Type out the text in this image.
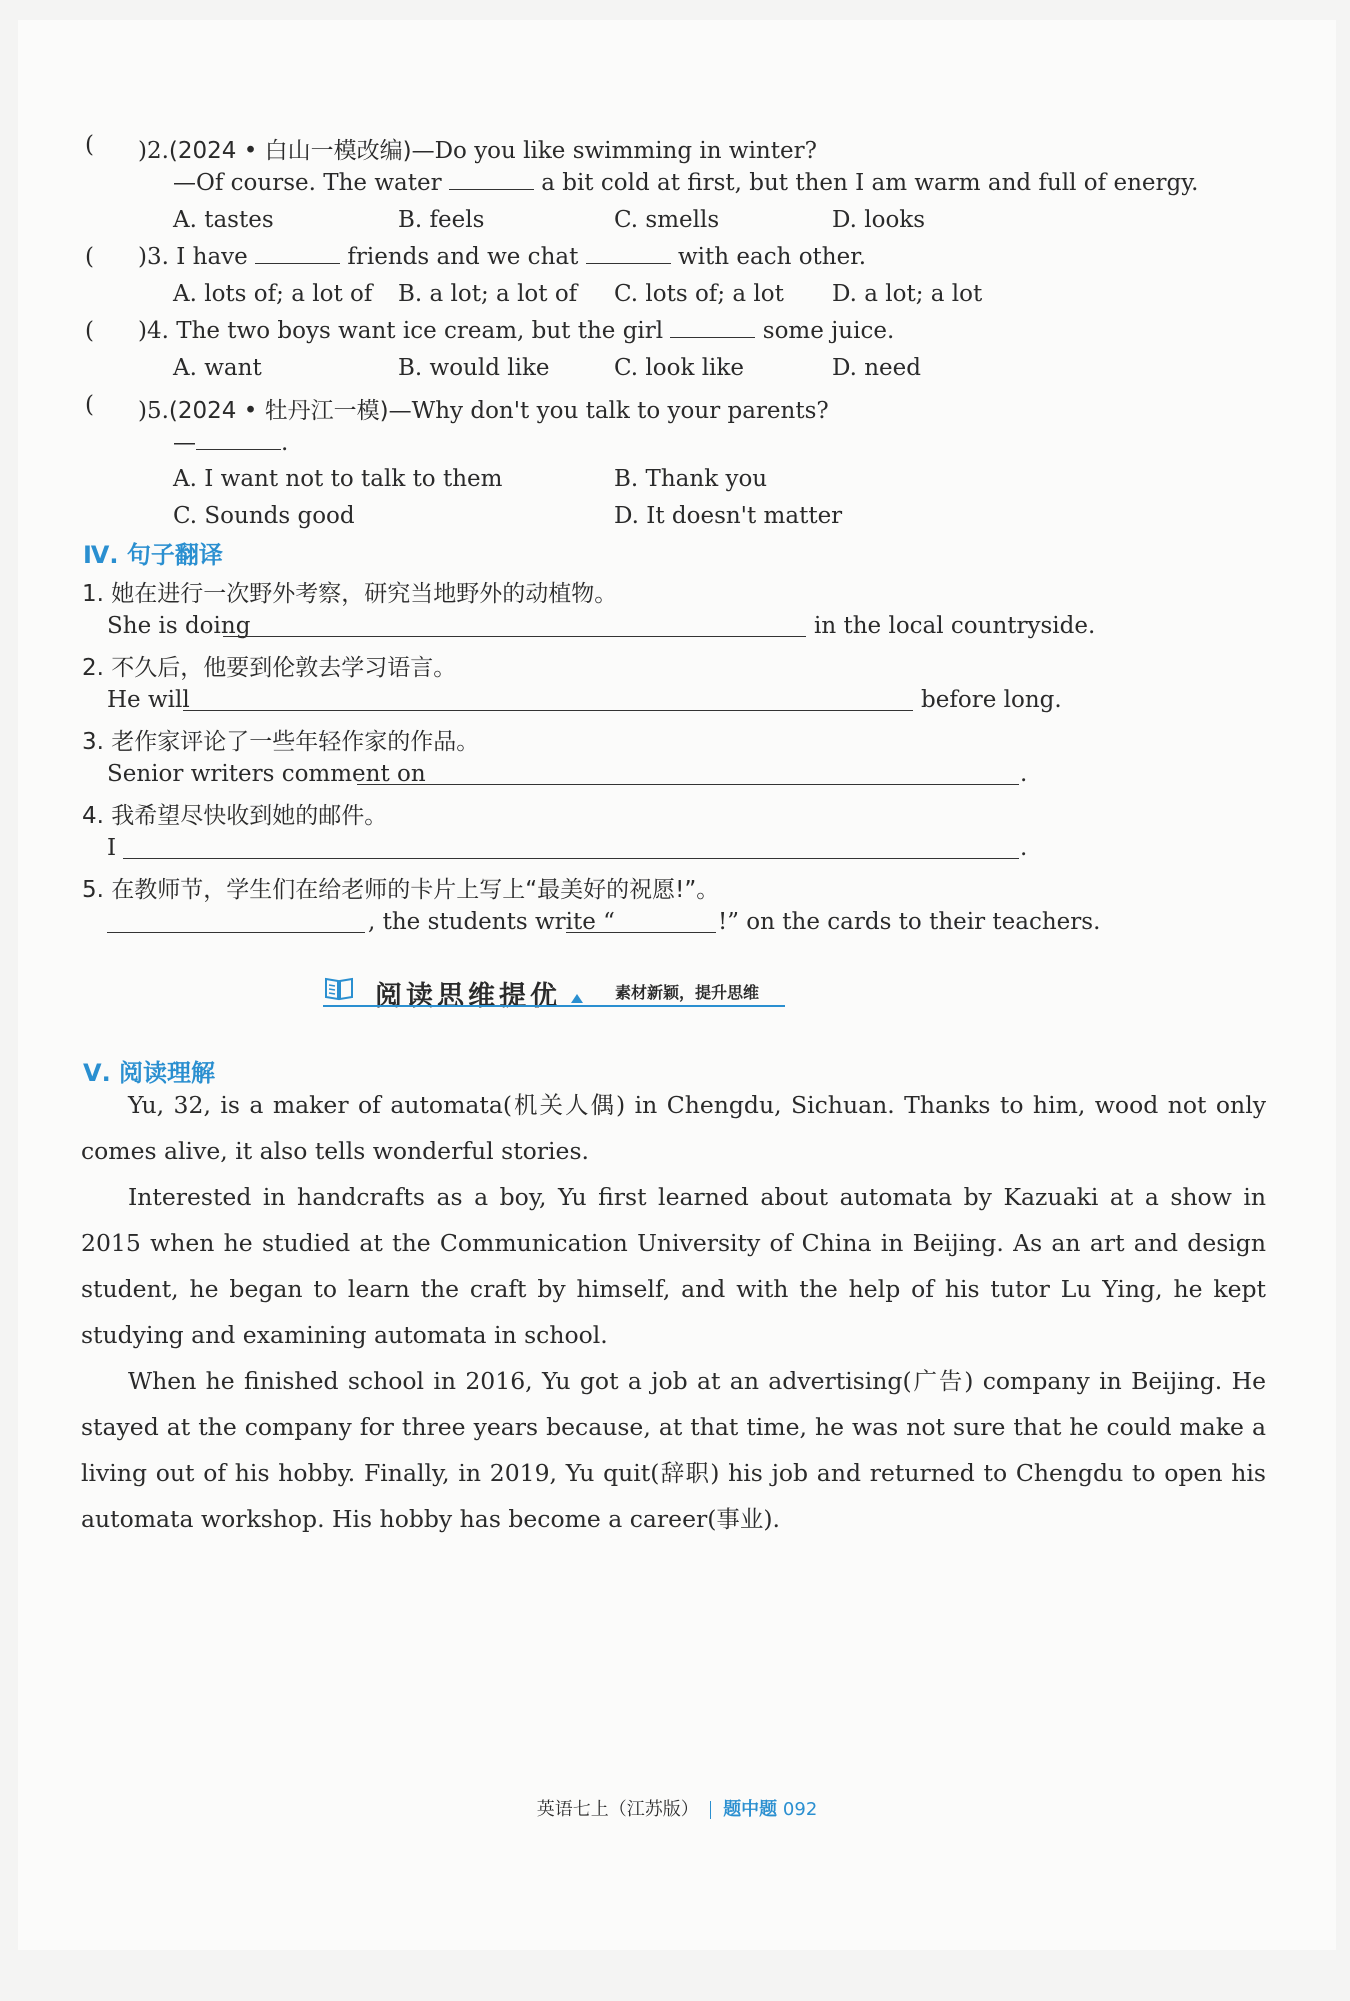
( )2.(2024 • 白山一模改编)—Do you like swimming in winter?
—Of course. The water	a bit cold at first, but then I am warm and full of energy.
A. tastes	B. feels	C. smells	D. looks
( )3. I have	friends and we chat	with each other.
A. lots of; a lot of B. a lot; a lot of C. lots of; a lot D. a lot; a lot
( )4. The two boys want ice cream, but the girl	some juice.
A. want	B. would like	C. look like	D. need
( )5.(2024 • 牡丹江一模)—Why don't you talk to your parents?
—	.
A. I want not to talk to them	B. Thank you
C. Sounds good	D. It doesn't matter
Ⅳ. 句子翻译
1. 她在进行一次野外考察，研究当地野外的动植物。
She is doing	in the local countryside.
2. 不久后，他要到伦敦去学习语言。
He will	before long.
3. 老作家评论了一些年轻作家的作品。
Senior writers comment on	.
4. 我希望尽快收到她的邮件。
I	.
5. 在教师节，学生们在给老师的卡片上写上“最美好的祝愿!”。
, the students write “	!” on the cards to their teachers.
阅读思维提优	素材新颖，提升思维
Ⅴ. 阅读理解

Yu, 32, is a maker of automata(机关人偶) in Chengdu, Sichuan. Thanks to him, wood not only comes alive, it also tells wonderful stories.

Interested in handcrafts as a boy, Yu first learned about automata by Kazuaki at a show in 2015 when he studied at the Communication University of China in Beijing. As an art and design student, he began to learn the craft by himself, and with the help of his tutor Lu Ying, he kept studying and examining automata in school.

When he finished school in 2016, Yu got a job at an advertising(广告) company in Beijing. He stayed at the company for three years because, at that time, he was not sure that he could make a living out of his hobby. Finally, in 2019, Yu quit(辞职) his job and returned to Chengdu to open his automata workshop. His hobby has become a career(事业).

英语七上（江苏版） 题中题 092
